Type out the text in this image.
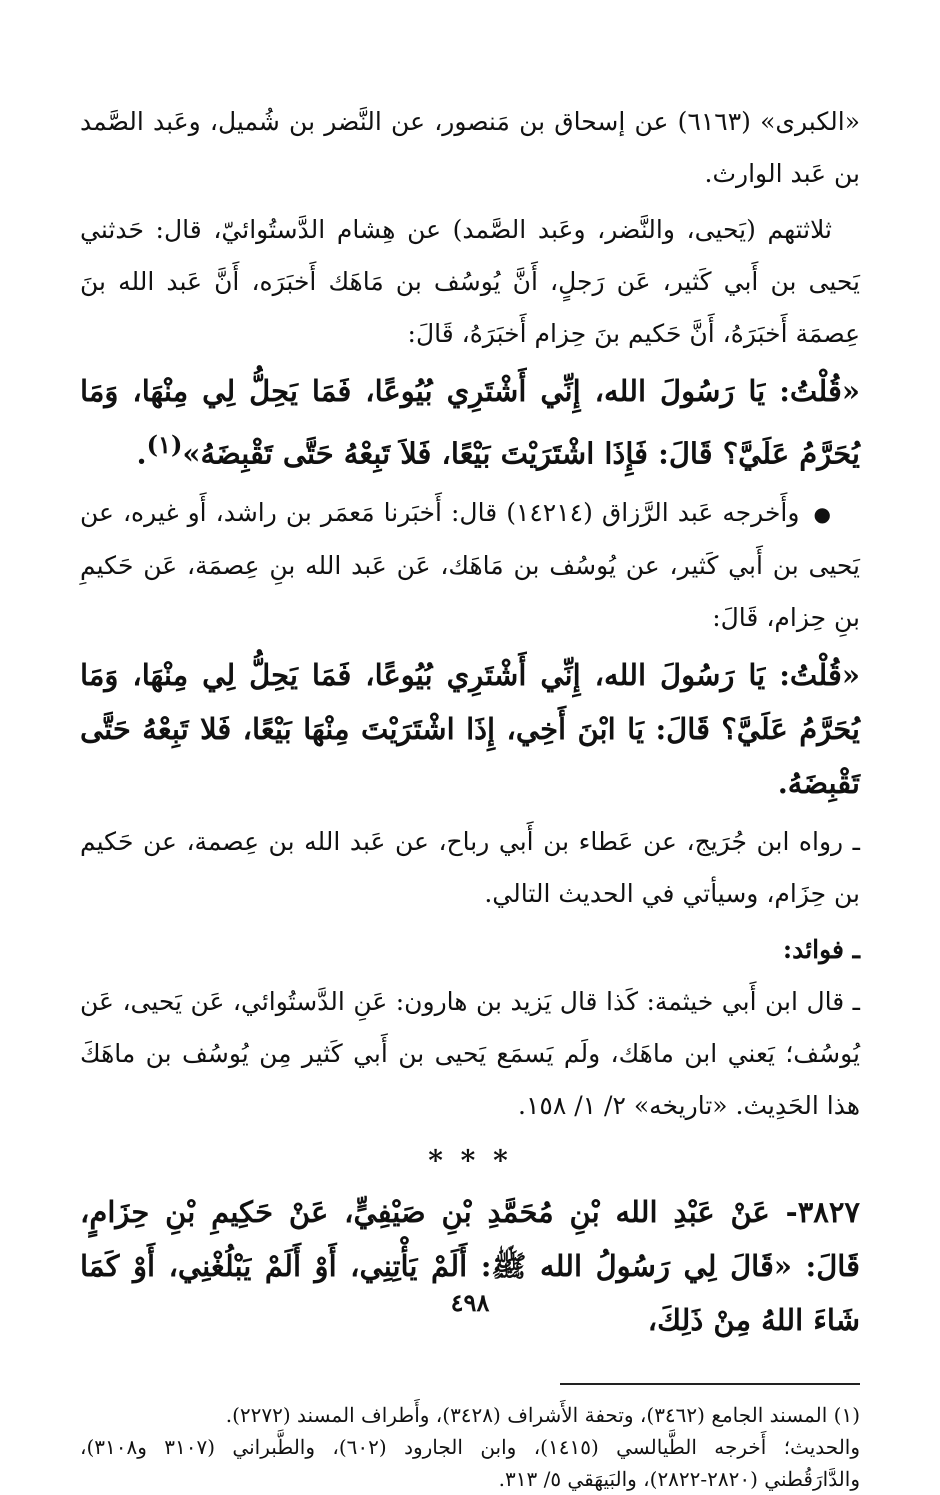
«الكبرى» (٦١٦٣) عن إسحاق بن مَنصور، عن النَّضر بن شُميل، وعَبد الصَّمد بن عَبد الوارث.

ثلاثتهم (يَحيى، والنَّضر، وعَبد الصَّمد) عن هِشام الدَّستُوائيّ، قال: حَدثني يَحيى بن أَبي كَثير، عَن رَجلٍ، أَنَّ يُوسُف بن مَاهَك أَخبَرَه، أَنَّ عَبد الله بنَ عِصمَة أَخبَرَهُ، أَنَّ حَكيم بنَ حِزام أَخبَرَهُ، قَالَ:

«قُلْتُ: يَا رَسُولَ الله، إِنِّي أَشْتَرِي بُيُوعًا، فَمَا يَحِلُّ لِي مِنْهَا، وَمَا يُحَرَّمُ عَلَيَّ؟ قَالَ: فَإِذَا اشْتَرَيْتَ بَيْعًا، فَلاَ تَبِعْهُ حَتَّى تَقْبِضَهُ»$^{(١)}$.

●وأَخرجه عَبد الرَّزاق (١٤٢١٤) قال: أَخبَرنا مَعمَر بن راشد، أَو غيره، عن يَحيى بن أَبي كَثير، عن يُوسُف بن مَاهَك، عَن عَبد الله بنِ عِصمَة، عَن حَكيمِ بنِ حِزام، قَالَ:

«قُلْتُ: يَا رَسُولَ الله، إِنِّي أَشْتَرِي بُيُوعًا، فَمَا يَحِلُّ لِي مِنْهَا، وَمَا يُحَرَّمُ عَلَيَّ؟ قَالَ: يَا ابْنَ أَخِي، إِذَا اشْتَرَيْتَ مِنْهَا بَيْعًا، فَلا تَبِعْهُ حَتَّى تَقْبِضَهُ.

ـ رواه ابن جُرَيج، عن عَطاء بن أَبي رباح، عن عَبد الله بن عِصمة، عن حَكيم بن حِزَام، وسيأتي في الحديث التالي.

ـ فوائد:

ـ قال ابن أَبي خيثمة: كَذا قال يَزيد بن هارون: عَنِ الدَّستُوائي، عَن يَحيى، عَن يُوسُف؛ يَعني ابن ماهَك، ولَم يَسمَع يَحيى بن أَبي كَثير مِن يُوسُف بن ماهَكَ هذا الحَدِيث. «تاريخه» ٢/ ١/ ١٥٨.

* * *

٣٨٢٧- عَنْ عَبْدِ الله بْنِ مُحَمَّدِ بْنِ صَيْفِيٍّ، عَنْ حَكِيمِ بْنِ حِزَامٍ، قَالَ: «قَالَ لِي رَسُولُ الله ﷺ: أَلَمْ يَأْتِنِي، أَوْ أَلَمْ يَبْلُغْنِي، أَوْ كَمَا شَاءَ اللهُ مِنْ ذَلِكَ،

(١) المسند الجامع (٣٤٦٢)، وتحفة الأَشراف (٣٤٢٨)، وأَطراف المسند (٢٢٧٢).

والحديث؛ أَخرجه الطَّيالسي (١٤١٥)، وابن الجارود (٦٠٢)، والطَّبراني (٣١٠٧ و٣١٠٨)، والدَّارَقُطني (٢٨٢٠-٢٨٢٢)، والبَيهَقي ٥/ ٣١٣.

٤٩٨
